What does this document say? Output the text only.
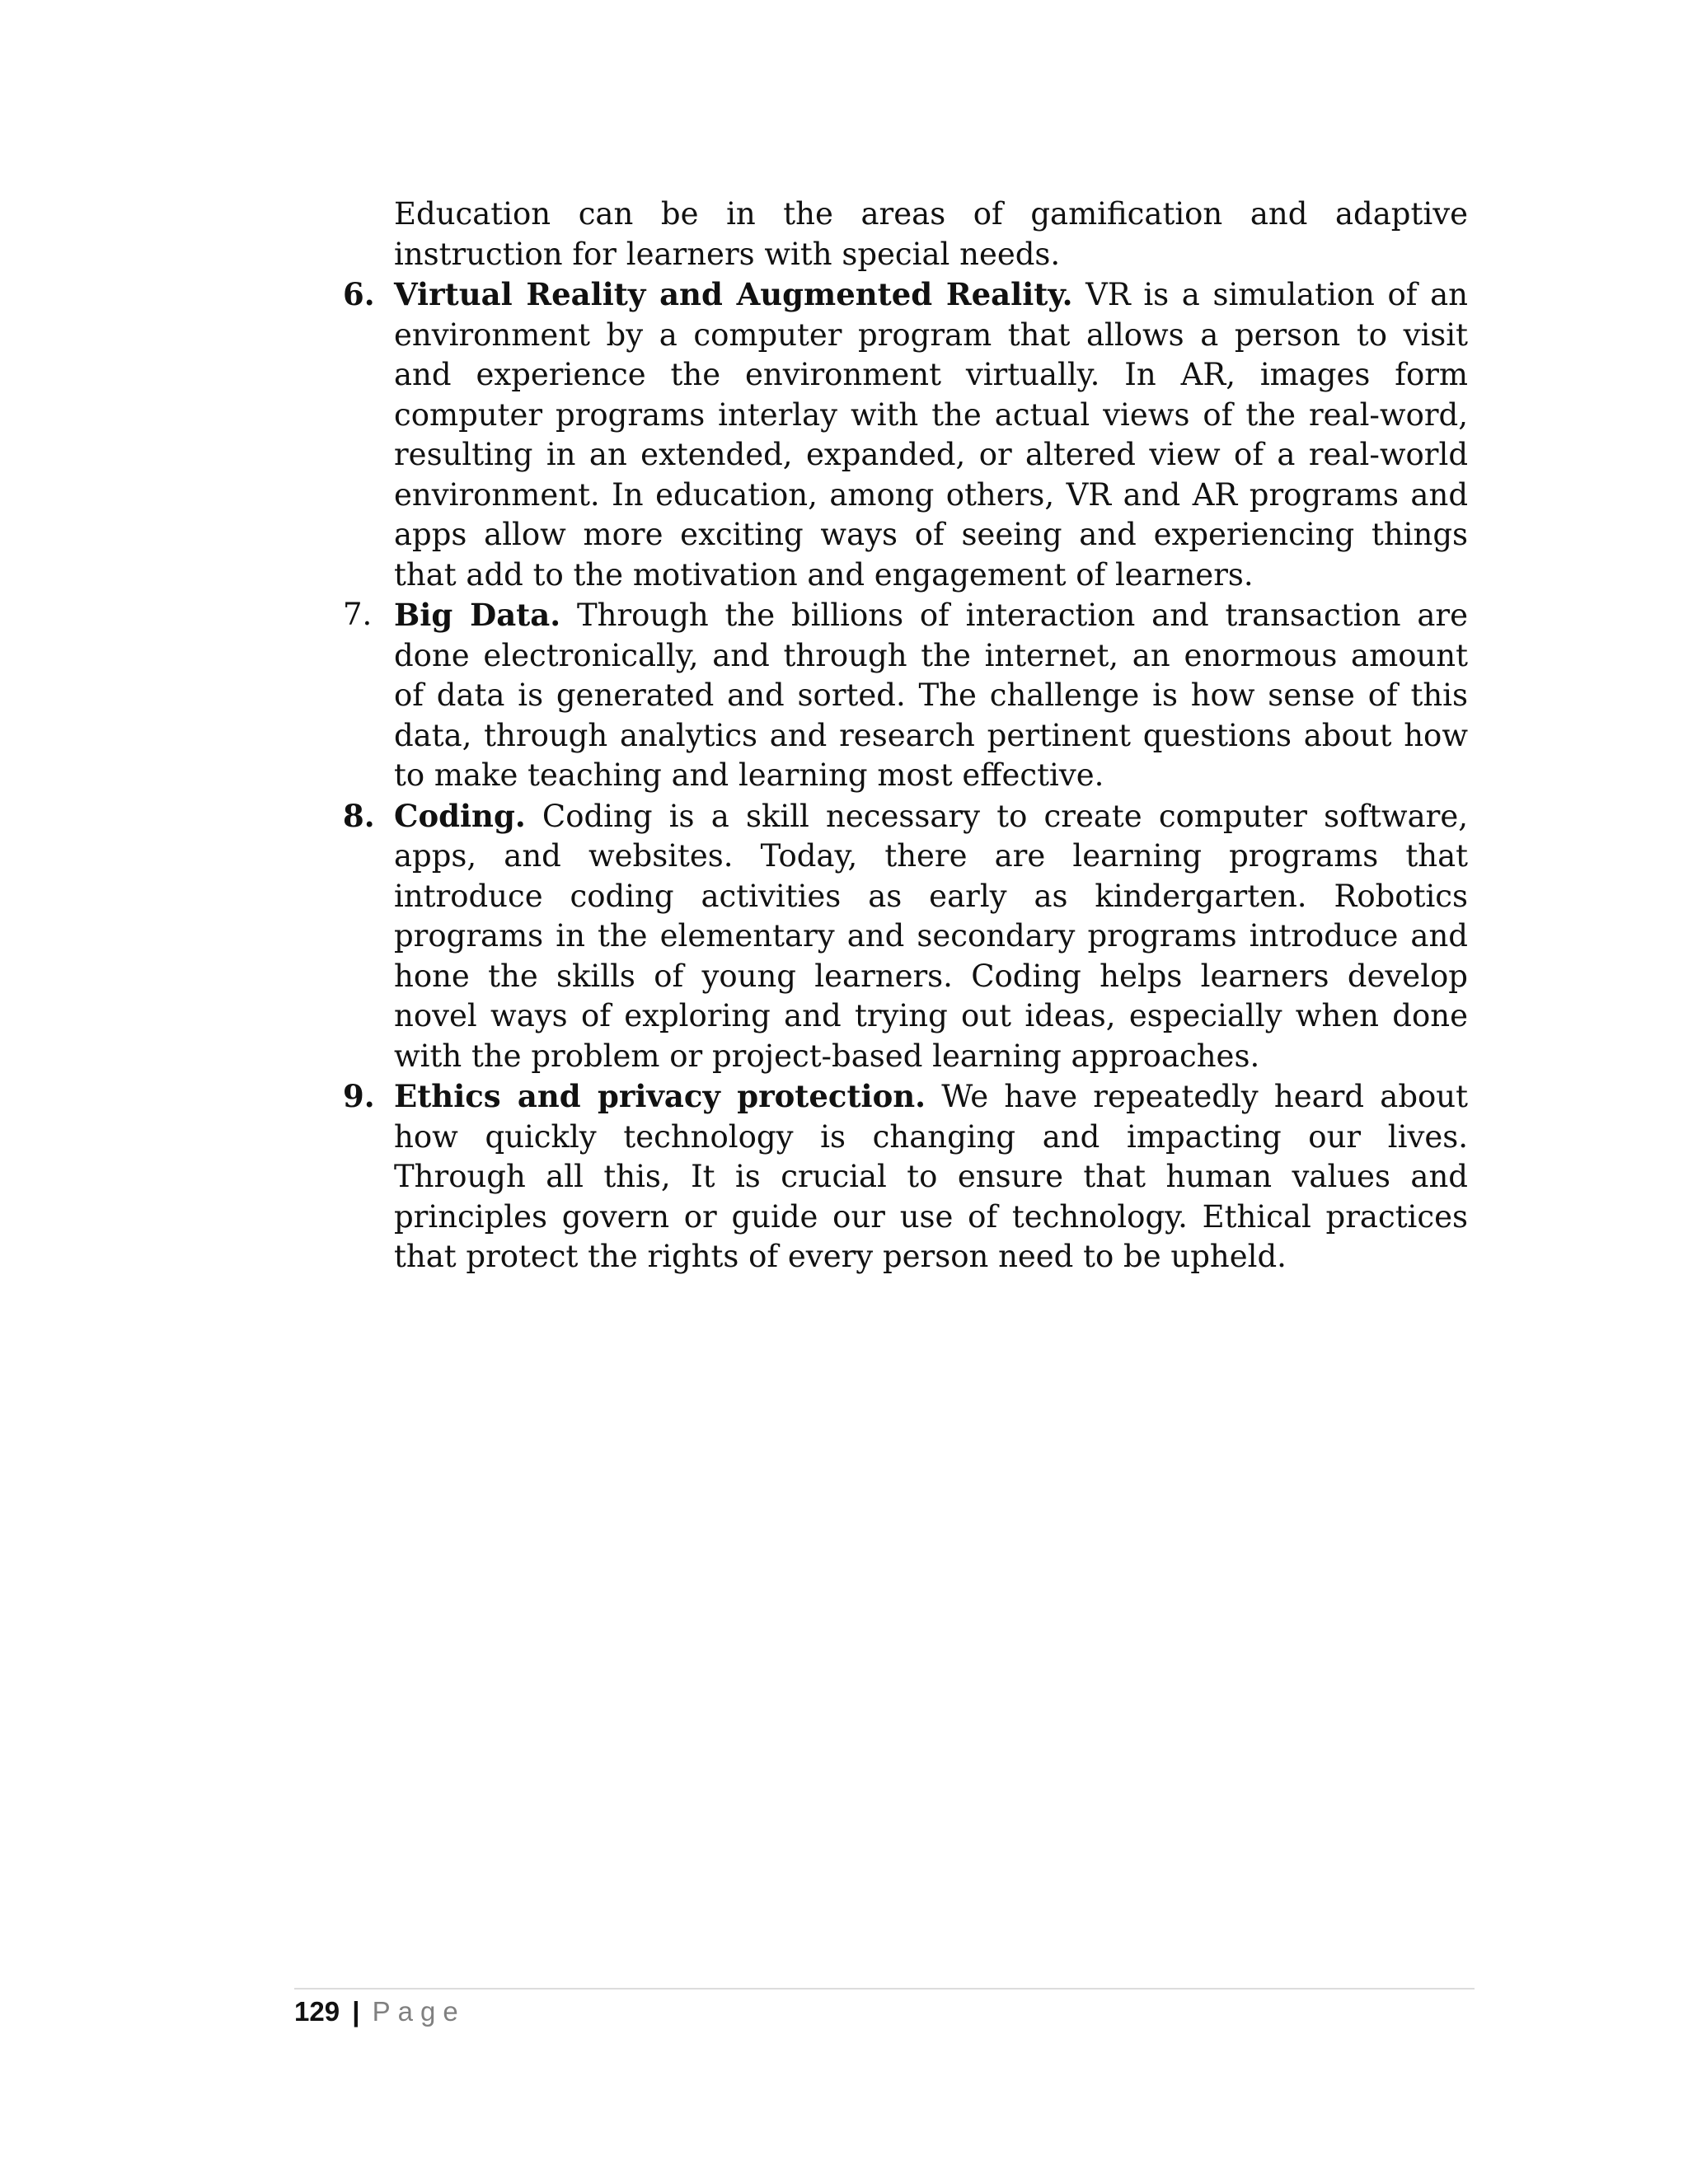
Education can be in the areas of gamification and adaptive instruction for learners with special needs.

6. Virtual Reality and Augmented Reality. VR is a simulation of an environment by a computer program that allows a person to visit and experience the environment virtually. In AR, images form computer programs interlay with the actual views of the real-word, resulting in an extended, expanded, or altered view of a real-world environment. In education, among others, VR and AR programs and apps allow more exciting ways of seeing and experiencing things that add to the motivation and engagement of learners.

7. Big Data. Through the billions of interaction and transaction are done electronically, and through the internet, an enormous amount of data is generated and sorted. The challenge is how sense of this data, through analytics and research pertinent questions about how to make teaching and learning most effective.

8. Coding. Coding is a skill necessary to create computer software, apps, and websites. Today, there are learning programs that introduce coding activities as early as kindergarten. Robotics programs in the elementary and secondary programs introduce and hone the skills of young learners. Coding helps learners develop novel ways of exploring and trying out ideas, especially when done with the problem or project-based learning approaches.

9. Ethics and privacy protection. We have repeatedly heard about how quickly technology is changing and impacting our lives. Through all this, It is crucial to ensure that human values and principles govern or guide our use of technology. Ethical practices that protect the rights of every person need to be upheld.

129 | Page
